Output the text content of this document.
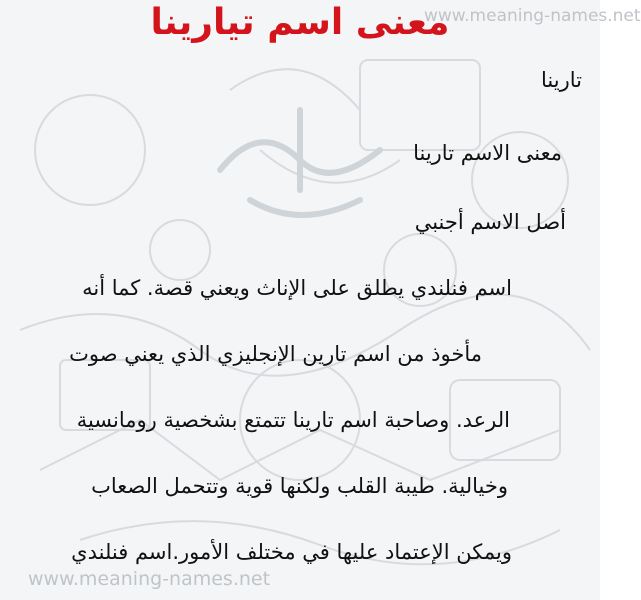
www.meaning-names.net
معنى اسم تيارينا
تارينا
معنى الاسم تارينا
أصل الاسم أجنبي
اسم فنلندي يطلق على الإناث ويعني قصة. كما أنه
مأخوذ من اسم تارين الإنجليزي الذي يعني صوت
الرعد. وصاحبة اسم تارينا تتمتع بشخصية رومانسية
وخيالية. طيبة القلب ولكنها قوية وتتحمل الصعاب
ويمكن الإعتماد عليها في مختلف الأمور.اسم فنلندي
www.meaning-names.net
